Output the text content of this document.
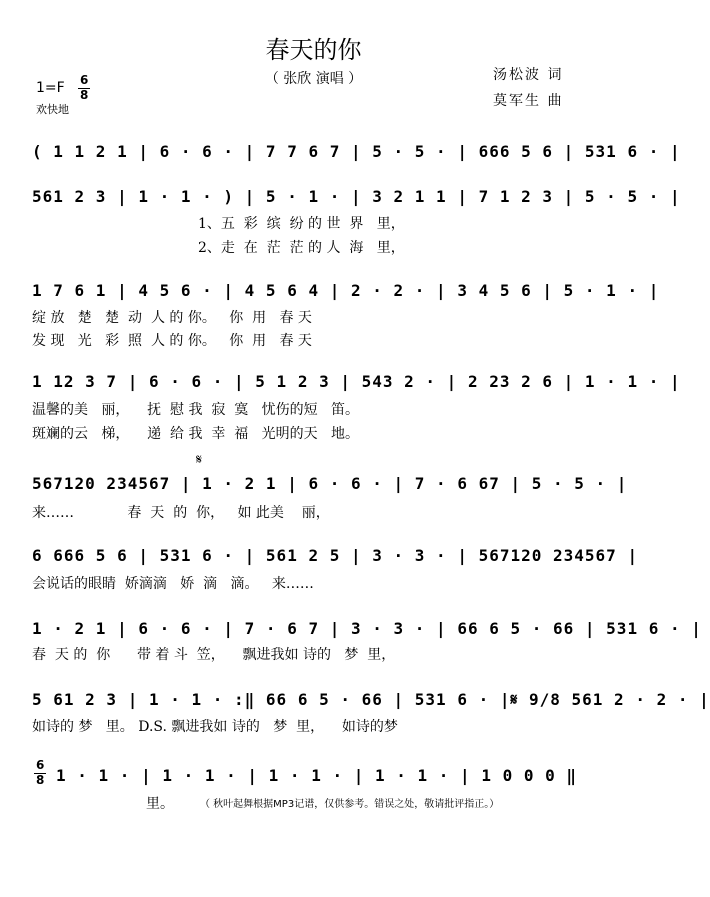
春天的你
（ 张欣 演唱 ）	汤松波 词
莫军生 曲
1=F 6
8
欢快地
( 1 1 2 1 | 6 · 6 · | 7 7 6 7 | 5 · 5 · | 666 5 6 | 531 6 · |
561 2 3 | 1 · 1 · ) | 5 · 1 · | 3 2 1 1 | 7 1 2 3 | 5 · 5 · |
1、五  彩  缤  纷 的 世  界   里，
2、走  在  茫  茫 的 人  海   里，
1 7 6 1 | 4 5 6 · | 4 5 6 4 | 2 · 2 · | 3 4 5 6 | 5 · 1 · |
绽 放   楚   楚  动  人 的 你。   你  用   春 天
发 现   光   彩  照  人 的 你。   你  用   春 天
1 12 3 7 | 6 · 6 · | 5 1 2 3 | 543 2 · | 2 23 2 6 | 1 · 1 · |
温馨的美   丽，    抚  慰 我  寂  寞   忧伤的短   笛。
斑斓的云   梯，    递  给 我  幸  福   光明的天   地。
𝄋
567120 234567 | 1 · 2 1 | 6 · 6 · | 7 · 6 67 | 5 · 5 · |
来……            春  天  的  你，   如 此美    丽，
6 666 5 6 | 531 6 · | 561 2 5 | 3 · 3 · | 567120 234567 |
会说话的眼睛  娇滴滴   娇  滴   滴。   来……
1 · 2 1 | 6 · 6 · | 7 · 6 7 | 3 · 3 · | 66 6 5 · 66 | 531 6 · |
春  天 的  你      带 着 斗  笠，    飘进我如 诗的   梦  里，
5 61 2 3 | 1 · 1 · :‖ 66 6 5 · 66 | 531 6 · |𝄋 9/8 561 2 · 2 · |
如诗的 梦   里。 D.S. 飘进我如 诗的   梦  里，    如诗的梦
6
8 1 · 1 · | 1 · 1 · | 1 · 1 · | 1 · 1 · | 1 0 0 0 ‖
里。	（ 秋叶起舞根据MP3记谱，仅供参考。错误之处，敬请批评指正。）
